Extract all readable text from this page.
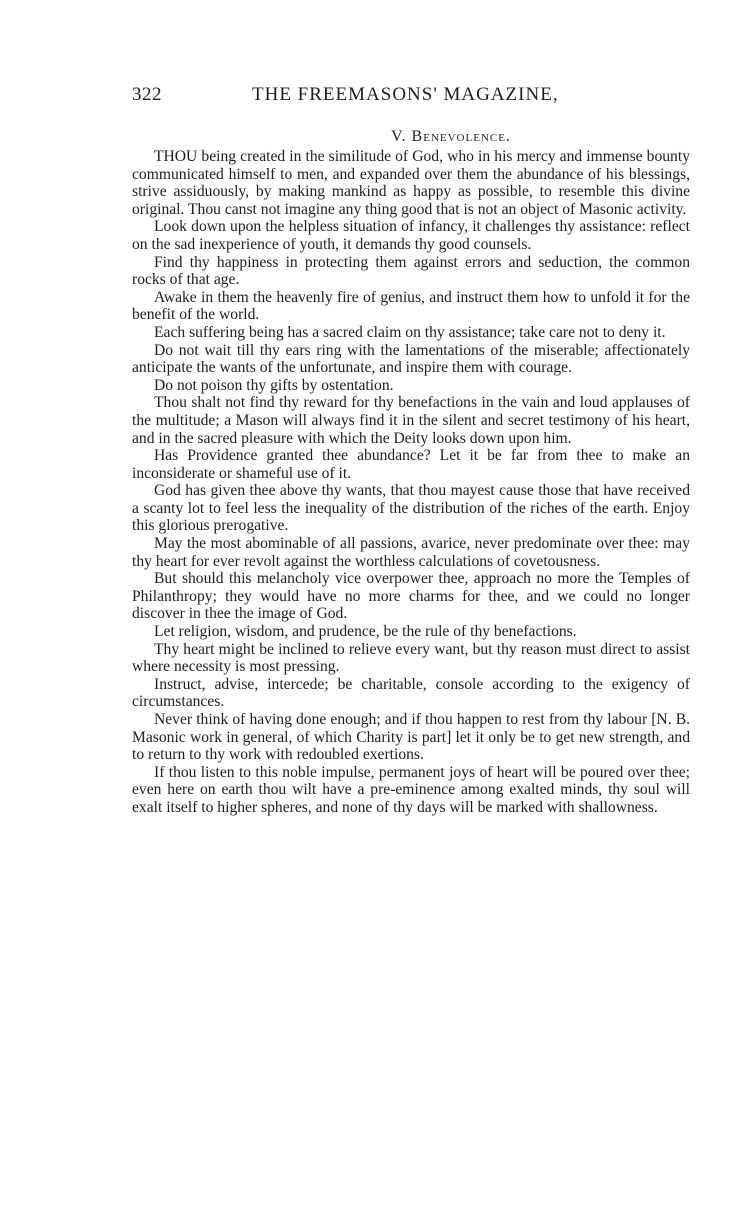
322	THE FREEMASONS' MAGAZINE,
V. Benevolence.

THOU being created in the similitude of God, who in his mercy and immense bounty communicated himself to men, and expanded over them the abundance of his blessings, strive assiduously, by making mankind as happy as possible, to resemble this divine original. Thou canst not imagine any thing good that is not an object of Masonic activity.

Look down upon the helpless situation of infancy, it challenges thy assistance: reflect on the sad inexperience of youth, it demands thy good counsels.

Find thy happiness in protecting them against errors and seduction, the common rocks of that age.

Awake in them the heavenly fire of genius, and instruct them how to unfold it for the benefit of the world.

Each suffering being has a sacred claim on thy assistance; take care not to deny it.

Do not wait till thy ears ring with the lamentations of the miserable; affectionately anticipate the wants of the unfortunate, and inspire them with courage.

Do not poison thy gifts by ostentation.

Thou shalt not find thy reward for thy benefactions in the vain and loud applauses of the multitude; a Mason will always find it in the silent and secret testimony of his heart, and in the sacred pleasure with which the Deity looks down upon him.

Has Providence granted thee abundance? Let it be far from thee to make an inconsiderate or shameful use of it.

God has given thee above thy wants, that thou mayest cause those that have received a scanty lot to feel less the inequality of the distribution of the riches of the earth. Enjoy this glorious prerogative.

May the most abominable of all passions, avarice, never predominate over thee: may thy heart for ever revolt against the worthless calculations of covetousness.

But should this melancholy vice overpower thee, approach no more the Temples of Philanthropy; they would have no more charms for thee, and we could no longer discover in thee the image of God.

Let religion, wisdom, and prudence, be the rule of thy benefactions.

Thy heart might be inclined to relieve every want, but thy reason must direct to assist where necessity is most pressing.

Instruct, advise, intercede; be charitable, console according to the exigency of circumstances.

Never think of having done enough; and if thou happen to rest from thy labour [N. B. Masonic work in general, of which Charity is part] let it only be to get new strength, and to return to thy work with redoubled exertions.

If thou listen to this noble impulse, permanent joys of heart will be poured over thee; even here on earth thou wilt have a pre-eminence among exalted minds, thy soul will exalt itself to higher spheres, and none of thy days will be marked with shallowness.
